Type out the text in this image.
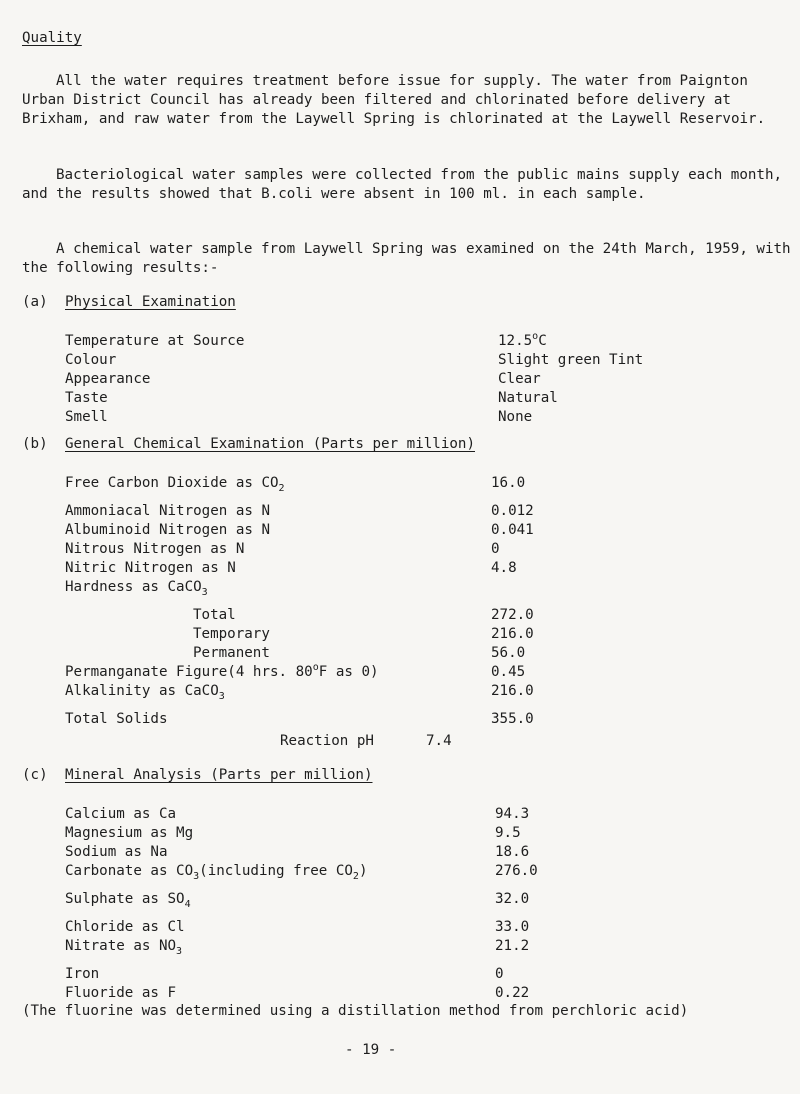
Quality
All the water requires treatment before issue for supply. The water from Paignton Urban District Council has already been filtered and chlorinated before delivery at Brixham, and raw water from the Laywell Spring is chlorinated at the Laywell Reservoir.
Bacteriological water samples were collected from the public mains supply each month, and the results showed that B.coli were absent in 100 ml. in each sample.
A chemical water sample from Laywell Spring was examined on the 24th March, 1959, with the following results:-
(a) Physical Examination
Temperature at Source	12.5$^o$C
Colour	Slight green Tint
Appearance	Clear
Taste	Natural
Smell	None
(b) General Chemical Examination (Parts per million)
Free Carbon Dioxide as $CO_2$	16.0
Ammoniacal Nitrogen as N	0.012
Albuminoid Nitrogen as N	0.041
Nitrous Nitrogen as N	0
Nitric Nitrogen as N	4.8
Hardness as CaCO$_3$
Total	272.0
Temporary	216.0
Permanent	56.0
Permanganate Figure(4 hrs. 80$^o$F as 0)	0.45
Alkalinity as CaCO$_3$	216.0
Total Solids	355.0
Reaction pH	7.4
(c) Mineral Analysis (Parts per million)
Calcium as Ca	94.3
Magnesium as Mg	9.5
Sodium as Na	18.6
Carbonate as $CO_3(including$ free $CO_2$)	276.0
Sulphate as $SO_4$	32.0
Chloride as Cl	33.0
Nitrate as $NO_3$	21.2
Iron	0
Fluoride as F	0.22
(The fluorine was determined using a distillation method from perchloric acid)
- 19 -
